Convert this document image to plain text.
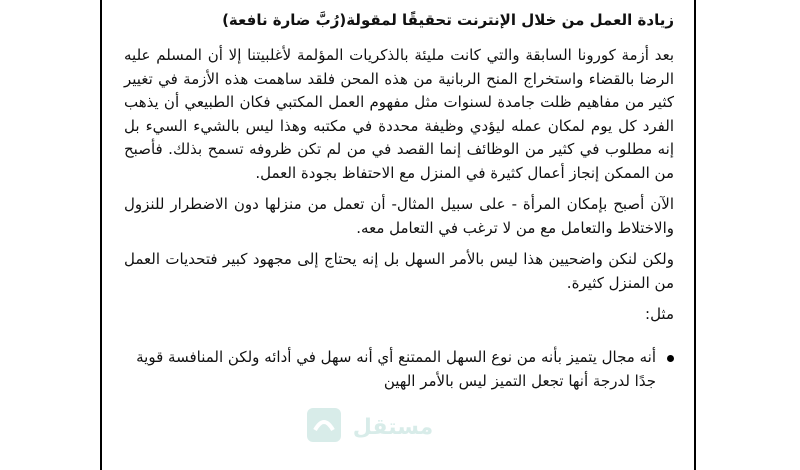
زيادة العمل من خلال الإنترنت تحقيقًا لمقولة(رُبَّ ضارة نافعة)

بعد أزمة كورونا السابقة والتي كانت مليئة بالذكريات المؤلمة لأغلبيتنا إلا أن المسلم عليه الرضا بالقضاء واستخراج المنح الربانية من هذه المحن فلقد ساهمت هذه الأزمة في تغيير كثير من مفاهيم ظلت جامدة لسنوات مثل مفهوم العمل المكتبي فكان الطبيعي أن يذهب الفرد كل يوم لمكان عمله ليؤدي وظيفة محددة في مكتبه وهذا ليس بالشيء السيء بل إنه مطلوب في كثير من الوظائف إنما القصد في من لم تكن ظروفه تسمح بذلك. فأصبح من الممكن إنجاز أعمال كثيرة في المنزل مع الاحتفاظ بجودة العمل.

الآن أصبح بإمكان المرأة - على سبيل المثال- أن تعمل من منزلها دون الاضطرار للنزول والاختلاط والتعامل مع من لا ترغب في التعامل معه.

ولكن لنكن واضحيين هذا ليس بالأمر السهل بل إنه يحتاج إلى مجهود كبير فتحديات العمل من المنزل كثيرة.

مثل:
أنه مجال يتميز بأنه من نوع السهل الممتنع أي أنه سهل في أدائه ولكن المنافسة قوية جدًا لدرجة أنها تجعل التميز ليس بالأمر الهين
مستقل
